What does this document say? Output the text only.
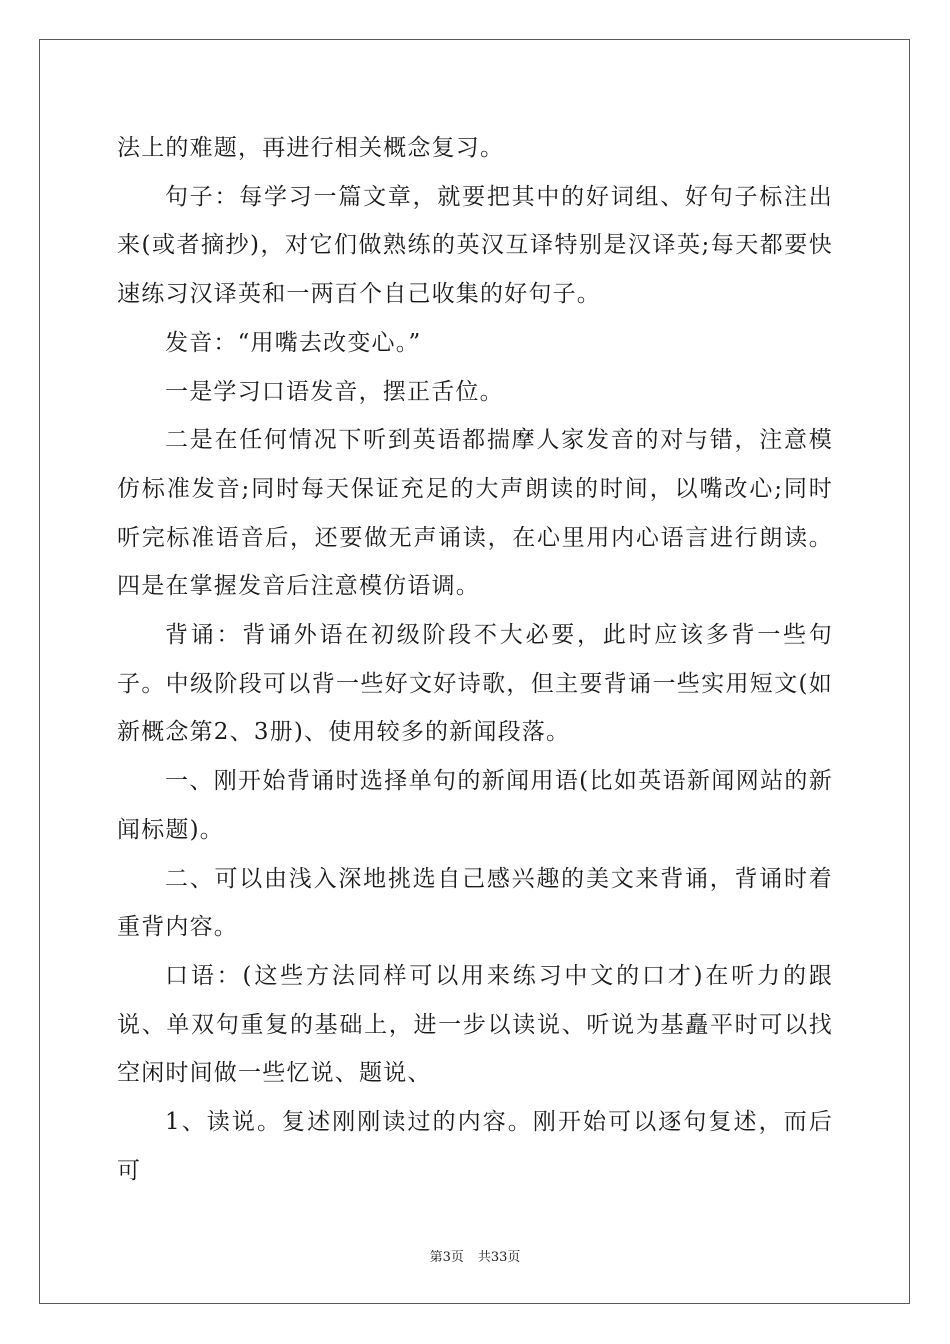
法上的难题，再进行相关概念复习。

句子：每学习一篇文章，就要把其中的好词组、好句子标注出来(或者摘抄)，对它们做熟练的英汉互译特别是汉译英;每天都要快速练习汉译英和一两百个自己收集的好句子。

发音：“用嘴去改变心。”

一是学习口语发音，摆正舌位。

二是在任何情况下听到英语都揣摩人家发音的对与错，注意模仿标准发音;同时每天保证充足的大声朗读的时间，以嘴改心;同时听完标准语音后，还要做无声诵读，在心里用内心语言进行朗读。四是在掌握发音后注意模仿语调。

背诵：背诵外语在初级阶段不大必要，此时应该多背一些句子。中级阶段可以背一些好文好诗歌，但主要背诵一些实用短文(如新概念第2、3册)、使用较多的新闻段落。

一、刚开始背诵时选择单句的新闻用语(比如英语新闻网站的新闻标题)。

二、可以由浅入深地挑选自己感兴趣的美文来背诵，背诵时着重背内容。

口语：(这些方法同样可以用来练习中文的口才)在听力的跟说、单双句重复的基础上，进一步以读说、听说为基矗平时可以找空闲时间做一些忆说、题说、

1、读说。复述刚刚读过的内容。刚开始可以逐句复述，而后可

第3页 共33页
